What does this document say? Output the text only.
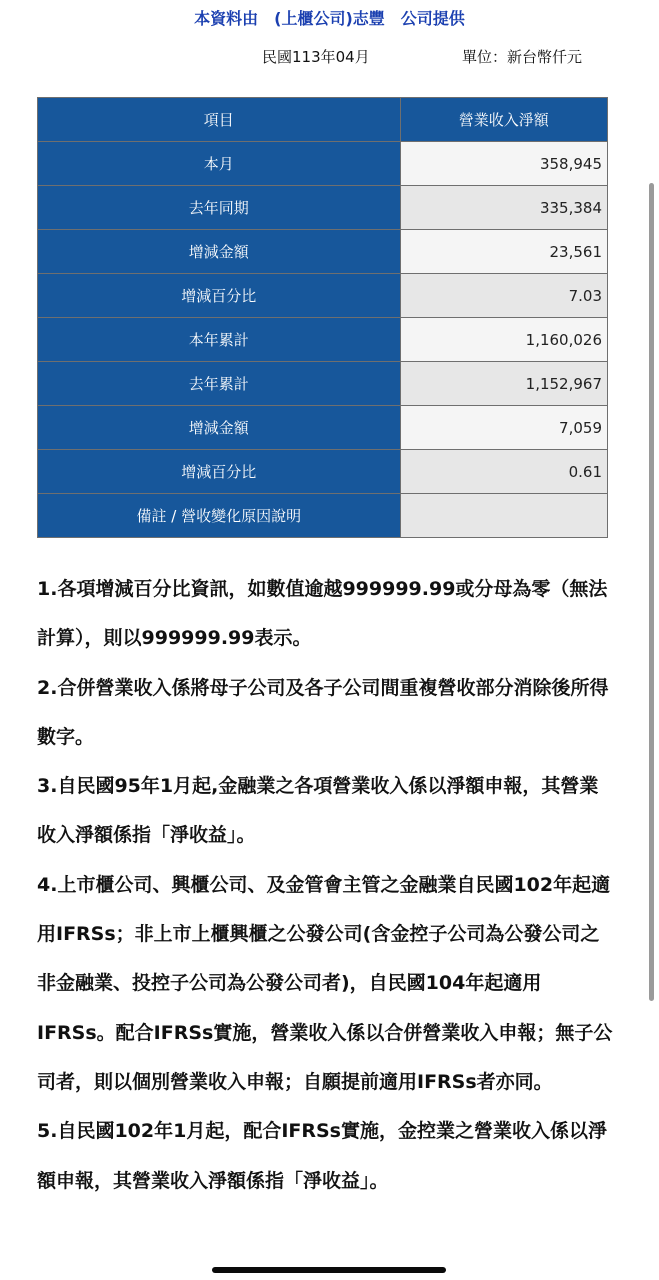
本資料由　(上櫃公司)志豐　公司提供
民國113年04月	單位：新台幣仟元
項目	營業收入淨額
本月	358,945
去年同期	335,384
增減金額	23,561
增減百分比	7.03
本年累計	1,160,026
去年累計	1,152,967
增減金額	7,059
增減百分比	0.61
備註 / 營收變化原因說明	
1.各項增減百分比資訊，如數值逾越999999.99或分母為零（無法計算），則以999999.99表示。
2.合併營業收入係將母子公司及各子公司間重複營收部分消除後所得數字。
3.自民國95年1月起,金融業之各項營業收入係以淨額申報，其營業收入淨額係指「淨收益」。
4.上市櫃公司、興櫃公司、及金管會主管之金融業自民國102年起適用IFRSs；非上市上櫃興櫃之公發公司(含金控子公司為公發公司之非金融業、投控子公司為公發公司者)，自民國104年起適用IFRSs。配合IFRSs實施，營業收入係以合併營業收入申報；無子公司者，則以個別營業收入申報；自願提前適用IFRSs者亦同。
5.自民國102年1月起，配合IFRSs實施，金控業之營業收入係以淨額申報，其營業收入淨額係指「淨收益」。
